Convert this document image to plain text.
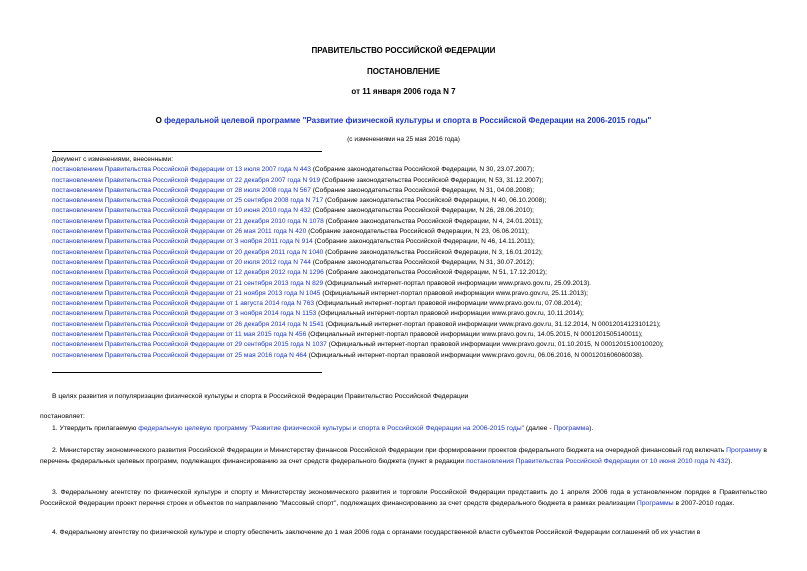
ПРАВИТЕЛЬСТВО РОССИЙСКОЙ ФЕДЕРАЦИИ
ПОСТАНОВЛЕНИЕ
от 11 января 2006 года N 7
О федеральной целевой программе "Развитие физической культуры и спорта в Российской Федерации на 2006-2015 годы"
(с изменениями на 25 мая 2016 года)
Документ с изменениями, внесенными:
постановлением Правительства Российской Федерации от 13 июля 2007 года N 443 (Собрание законодательства Российской Федерации, N 30, 23.07.2007);
постановлением Правительства Российской Федерации от 22 декабря 2007 года N 919 (Собрание законодательства Российской Федерации, N 53, 31.12.2007);
постановлением Правительства Российской Федерации от 28 июля 2008 года N 567 (Собрание законодательства Российской Федерации, N 31, 04.08.2008);
постановлением Правительства Российской Федерации от 25 сентября 2008 года N 717 (Собрание законодательства Российской Федерации, N 40, 06.10.2008);
постановлением Правительства Российской Федерации от 10 июня 2010 года N 432 (Собрание законодательства Российской Федерации, N 26, 28.06.2010);
постановлением Правительства Российской Федерации от 21 декабря 2010 года N 1078 (Собрание законодательства Российской Федерации, N 4, 24.01.2011);
постановлением Правительства Российской Федерации от 26 мая 2011 года N 420 (Собрание законодательства Российской Федерации, N 23, 06.06.2011);
постановлением Правительства Российской Федерации от 3 ноября 2011 года N 914 (Собрание законодательства Российской Федерации, N 46, 14.11.2011);
постановлением Правительства Российской Федерации от 20 декабря 2011 года N 1040 (Собрание законодательства Российской Федерации, N 3, 16.01.2012);
постановлением Правительства Российской Федерации от 20 июля 2012 года N 744 (Собрание законодательства Российской Федерации, N 31, 30.07.2012);
постановлением Правительства Российской Федерации от 12 декабря 2012 года N 1296 (Собрание законодательства Российской Федерации, N 51, 17.12.2012);
постановлением Правительства Российской Федерации от 21 сентября 2013 года N 829 (Официальный интернет-портал правовой информации www.pravo.gov.ru, 25.09.2013).
постановлением Правительства Российской Федерации от 21 ноября 2013 года N 1045 (Официальный интернет-портал правовой информации www.pravo.gov.ru, 25.11.2013);
постановлением Правительства Российской Федерации от 1 августа 2014 года N 763 (Официальный интернет-портал правовой информации www.pravo.gov.ru, 07.08.2014);
постановлением Правительства Российской Федерации от 3 ноября 2014 года N 1153 (Официальный интернет-портал правовой информации www.pravo.gov.ru, 10.11.2014);
постановлением Правительства Российской Федерации от 26 декабря 2014 года N 1541 (Официальный интернет-портал правовой информации www.pravo.gov.ru, 31.12.2014, N 0001201412310121);
постановлением Правительства Российской Федерации от 11 мая 2015 года N 456 (Официальный интернет-портал правовой информации www.pravo.gov.ru, 14.05.2015, N 0001201505140011);
постановлением Правительства Российской Федерации от 29 сентября 2015 года N 1037 (Официальный интернет-портал правовой информации www.pravo.gov.ru, 01.10.2015, N 0001201510010020);
постановлением Правительства Российской Федерации от 25 мая 2016 года N 464 (Официальный интернет-портал правовой информации www.pravo.gov.ru, 06.06.2016, N 0001201606060038).
В целях развития и популяризации физической культуры и спорта в Российской Федерации Правительство Российской Федерации
постановляет:
1. Утвердить прилагаемую федеральную целевую программу "Развитие физической культуры и спорта в Российской Федерации на 2006-2015 годы" (далее - Программа).
2. Министерству экономического развития Российской Федерации и Министерству финансов Российской Федерации при формировании проектов федерального бюджета на очередной финансовый год включать Программу в перечень федеральных целевых программ, подлежащих финансированию за счет средств федерального бюджета (пункт в редакции постановления Правительства Российской Федерации от 10 июня 2010 года N 432).
3. Федеральному агентству по физической культуре и спорту и Министерству экономического развития и торговли Российской Федерации представить до 1 апреля 2006 года в установленном порядке в Правительство Российской Федерации проект перечня строек и объектов по направлению "Массовый спорт", подлежащих финансированию за счет средств федерального бюджета в рамках реализации Программы в 2007-2010 годах.
4. Федеральному агентству по физической культуре и спорту обеспечить заключение до 1 мая 2006 года с органами государственной власти субъектов Российской Федерации соглашений об их участии в
